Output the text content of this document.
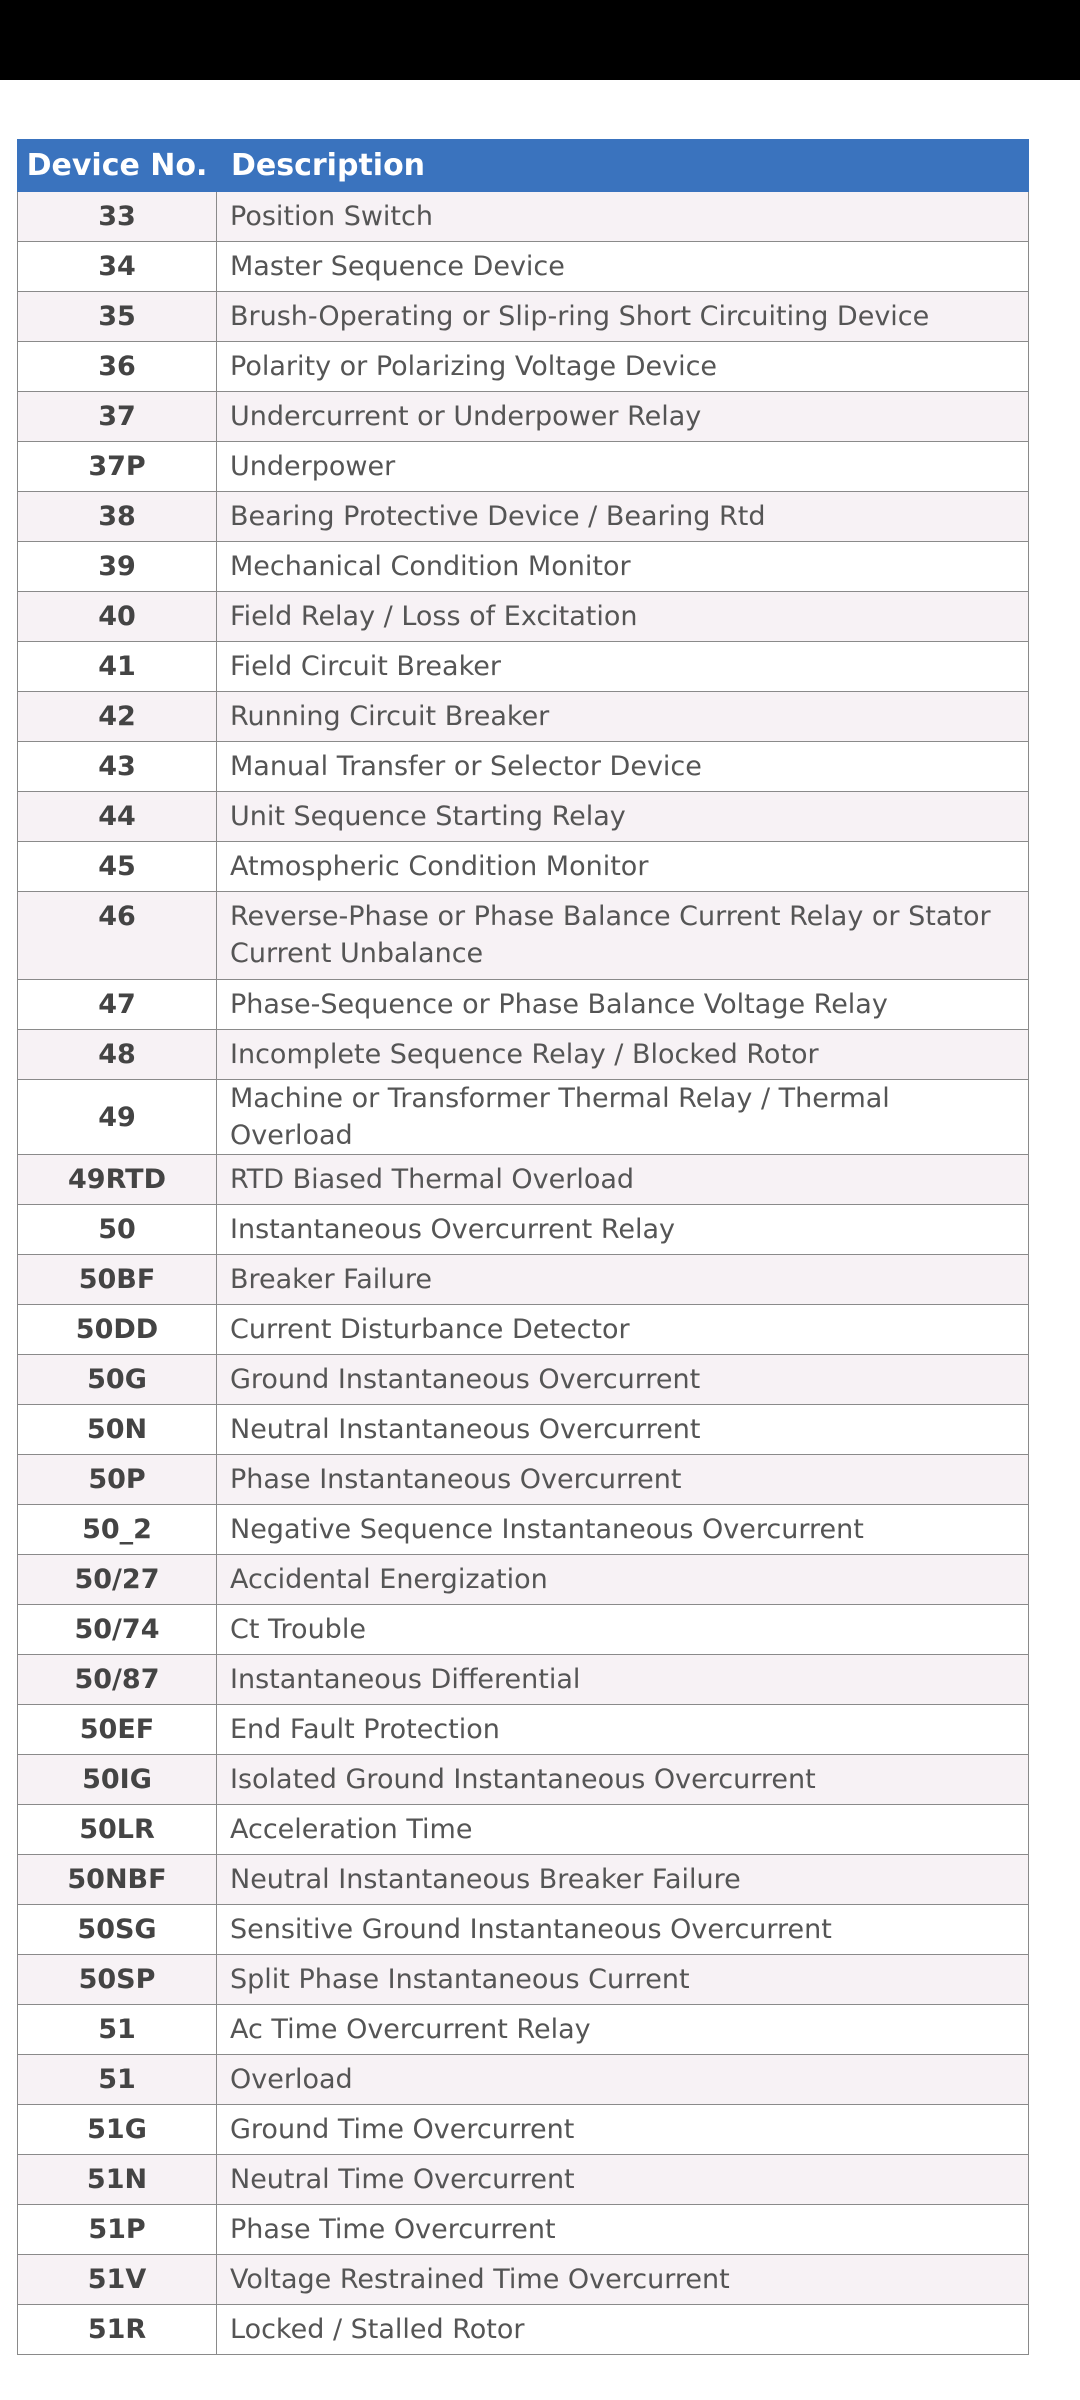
Device No.	Description
33	Position Switch
34	Master Sequence Device
35	Brush-Operating or Slip-ring Short Circuiting Device
36	Polarity or Polarizing Voltage Device
37	Undercurrent or Underpower Relay
37P	Underpower
38	Bearing Protective Device / Bearing Rtd
39	Mechanical Condition Monitor
40	Field Relay / Loss of Excitation
41	Field Circuit Breaker
42	Running Circuit Breaker
43	Manual Transfer or Selector Device
44	Unit Sequence Starting Relay
45	Atmospheric Condition Monitor
46	Reverse-Phase or Phase Balance Current Relay or Stator Current Unbalance
47	Phase-Sequence or Phase Balance Voltage Relay
48	Incomplete Sequence Relay / Blocked Rotor
49	Machine or Transformer Thermal Relay / Thermal Overload
49RTD	RTD Biased Thermal Overload
50	Instantaneous Overcurrent Relay
50BF	Breaker Failure
50DD	Current Disturbance Detector
50G	Ground Instantaneous Overcurrent
50N	Neutral Instantaneous Overcurrent
50P	Phase Instantaneous Overcurrent
50_2	Negative Sequence Instantaneous Overcurrent
50/27	Accidental Energization
50/74	Ct Trouble
50/87	Instantaneous Differential
50EF	End Fault Protection
50IG	Isolated Ground Instantaneous Overcurrent
50LR	Acceleration Time
50NBF	Neutral Instantaneous Breaker Failure
50SG	Sensitive Ground Instantaneous Overcurrent
50SP	Split Phase Instantaneous Current
51	Ac Time Overcurrent Relay
51	Overload
51G	Ground Time Overcurrent
51N	Neutral Time Overcurrent
51P	Phase Time Overcurrent
51V	Voltage Restrained Time Overcurrent
51R	Locked / Stalled Rotor
